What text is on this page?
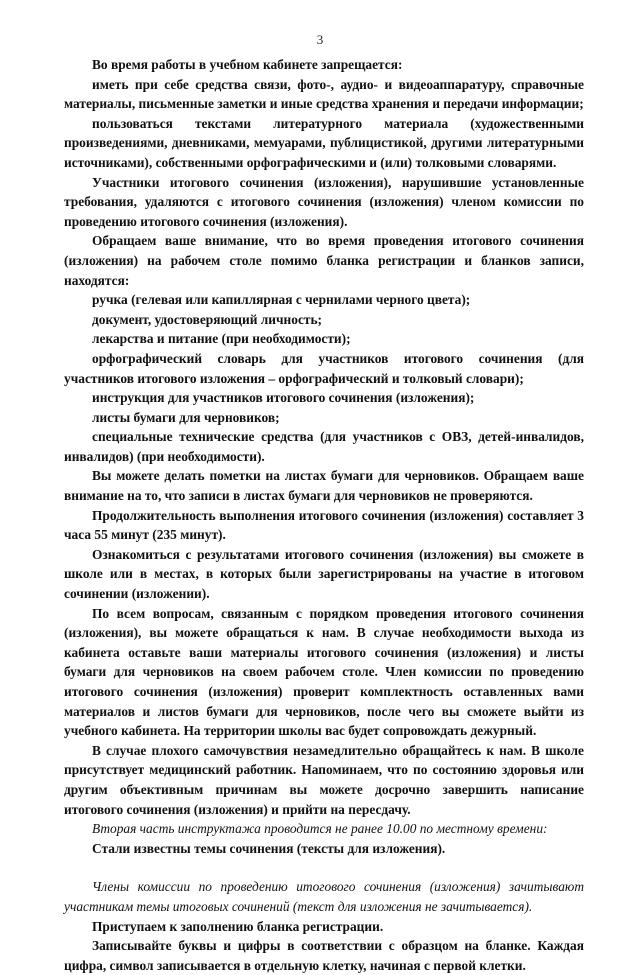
3

Во время работы в учебном кабинете запрещается:

иметь при себе средства связи, фото-, аудио- и видеоаппаратуру, справочные материалы, письменные заметки и иные средства хранения и передачи информации;

пользоваться текстами литературного материала (художественными произведениями, дневниками, мемуарами, публицистикой, другими литературными источниками), собственными орфографическими и (или) толковыми словарями.

Участники итогового сочинения (изложения), нарушившие установленные требования, удаляются с итогового сочинения (изложения) членом комиссии по проведению итогового сочинения (изложения).

Обращаем ваше внимание, что во время проведения итогового сочинения (изложения) на рабочем столе помимо бланка регистрации и бланков записи, находятся:

ручка (гелевая или капиллярная с чернилами черного цвета);

документ, удостоверяющий личность;

лекарства и питание (при необходимости);

орфографический словарь для участников итогового сочинения (для участников итогового изложения – орфографический и толковый словари);

инструкция для участников итогового сочинения (изложения);

листы бумаги для черновиков;

специальные технические средства (для участников с ОВЗ, детей-инвалидов, инвалидов) (при необходимости).

Вы можете делать пометки на листах бумаги для черновиков. Обращаем ваше внимание на то, что записи в листах бумаги для черновиков не проверяются.

Продолжительность выполнения итогового сочинения (изложения) составляет 3 часа 55 минут (235 минут).

Ознакомиться с результатами итогового сочинения (изложения) вы сможете в школе или в местах, в которых были зарегистрированы на участие в итоговом сочинении (изложении).

По всем вопросам, связанным с порядком проведения итогового сочинения (изложения), вы можете обращаться к нам. В случае необходимости выхода из кабинета оставьте ваши материалы итогового сочинения (изложения) и листы бумаги для черновиков на своем рабочем столе. Член комиссии по проведению итогового сочинения (изложения) проверит комплектность оставленных вами материалов и листов бумаги для черновиков, после чего вы сможете выйти из учебного кабинета. На территории школы вас будет сопровождать дежурный.

В случае плохого самочувствия незамедлительно обращайтесь к нам. В школе присутствует медицинский работник. Напоминаем, что по состоянию здоровья или другим объективным причинам вы можете досрочно завершить написание итогового сочинения (изложения) и прийти на пересдачу.

Вторая часть инструктажа проводится не ранее 10.00 по местному времени:

Стали известны темы сочинения (тексты для изложения).

Члены комиссии по проведению итогового сочинения (изложения) зачитывают участникам темы итоговых сочинений (текст для изложения не зачитывается).

Приступаем к заполнению бланка регистрации.

Записывайте буквы и цифры в соответствии с образцом на бланке. Каждая цифра, символ записывается в отдельную клетку, начиная с первой клетки.
